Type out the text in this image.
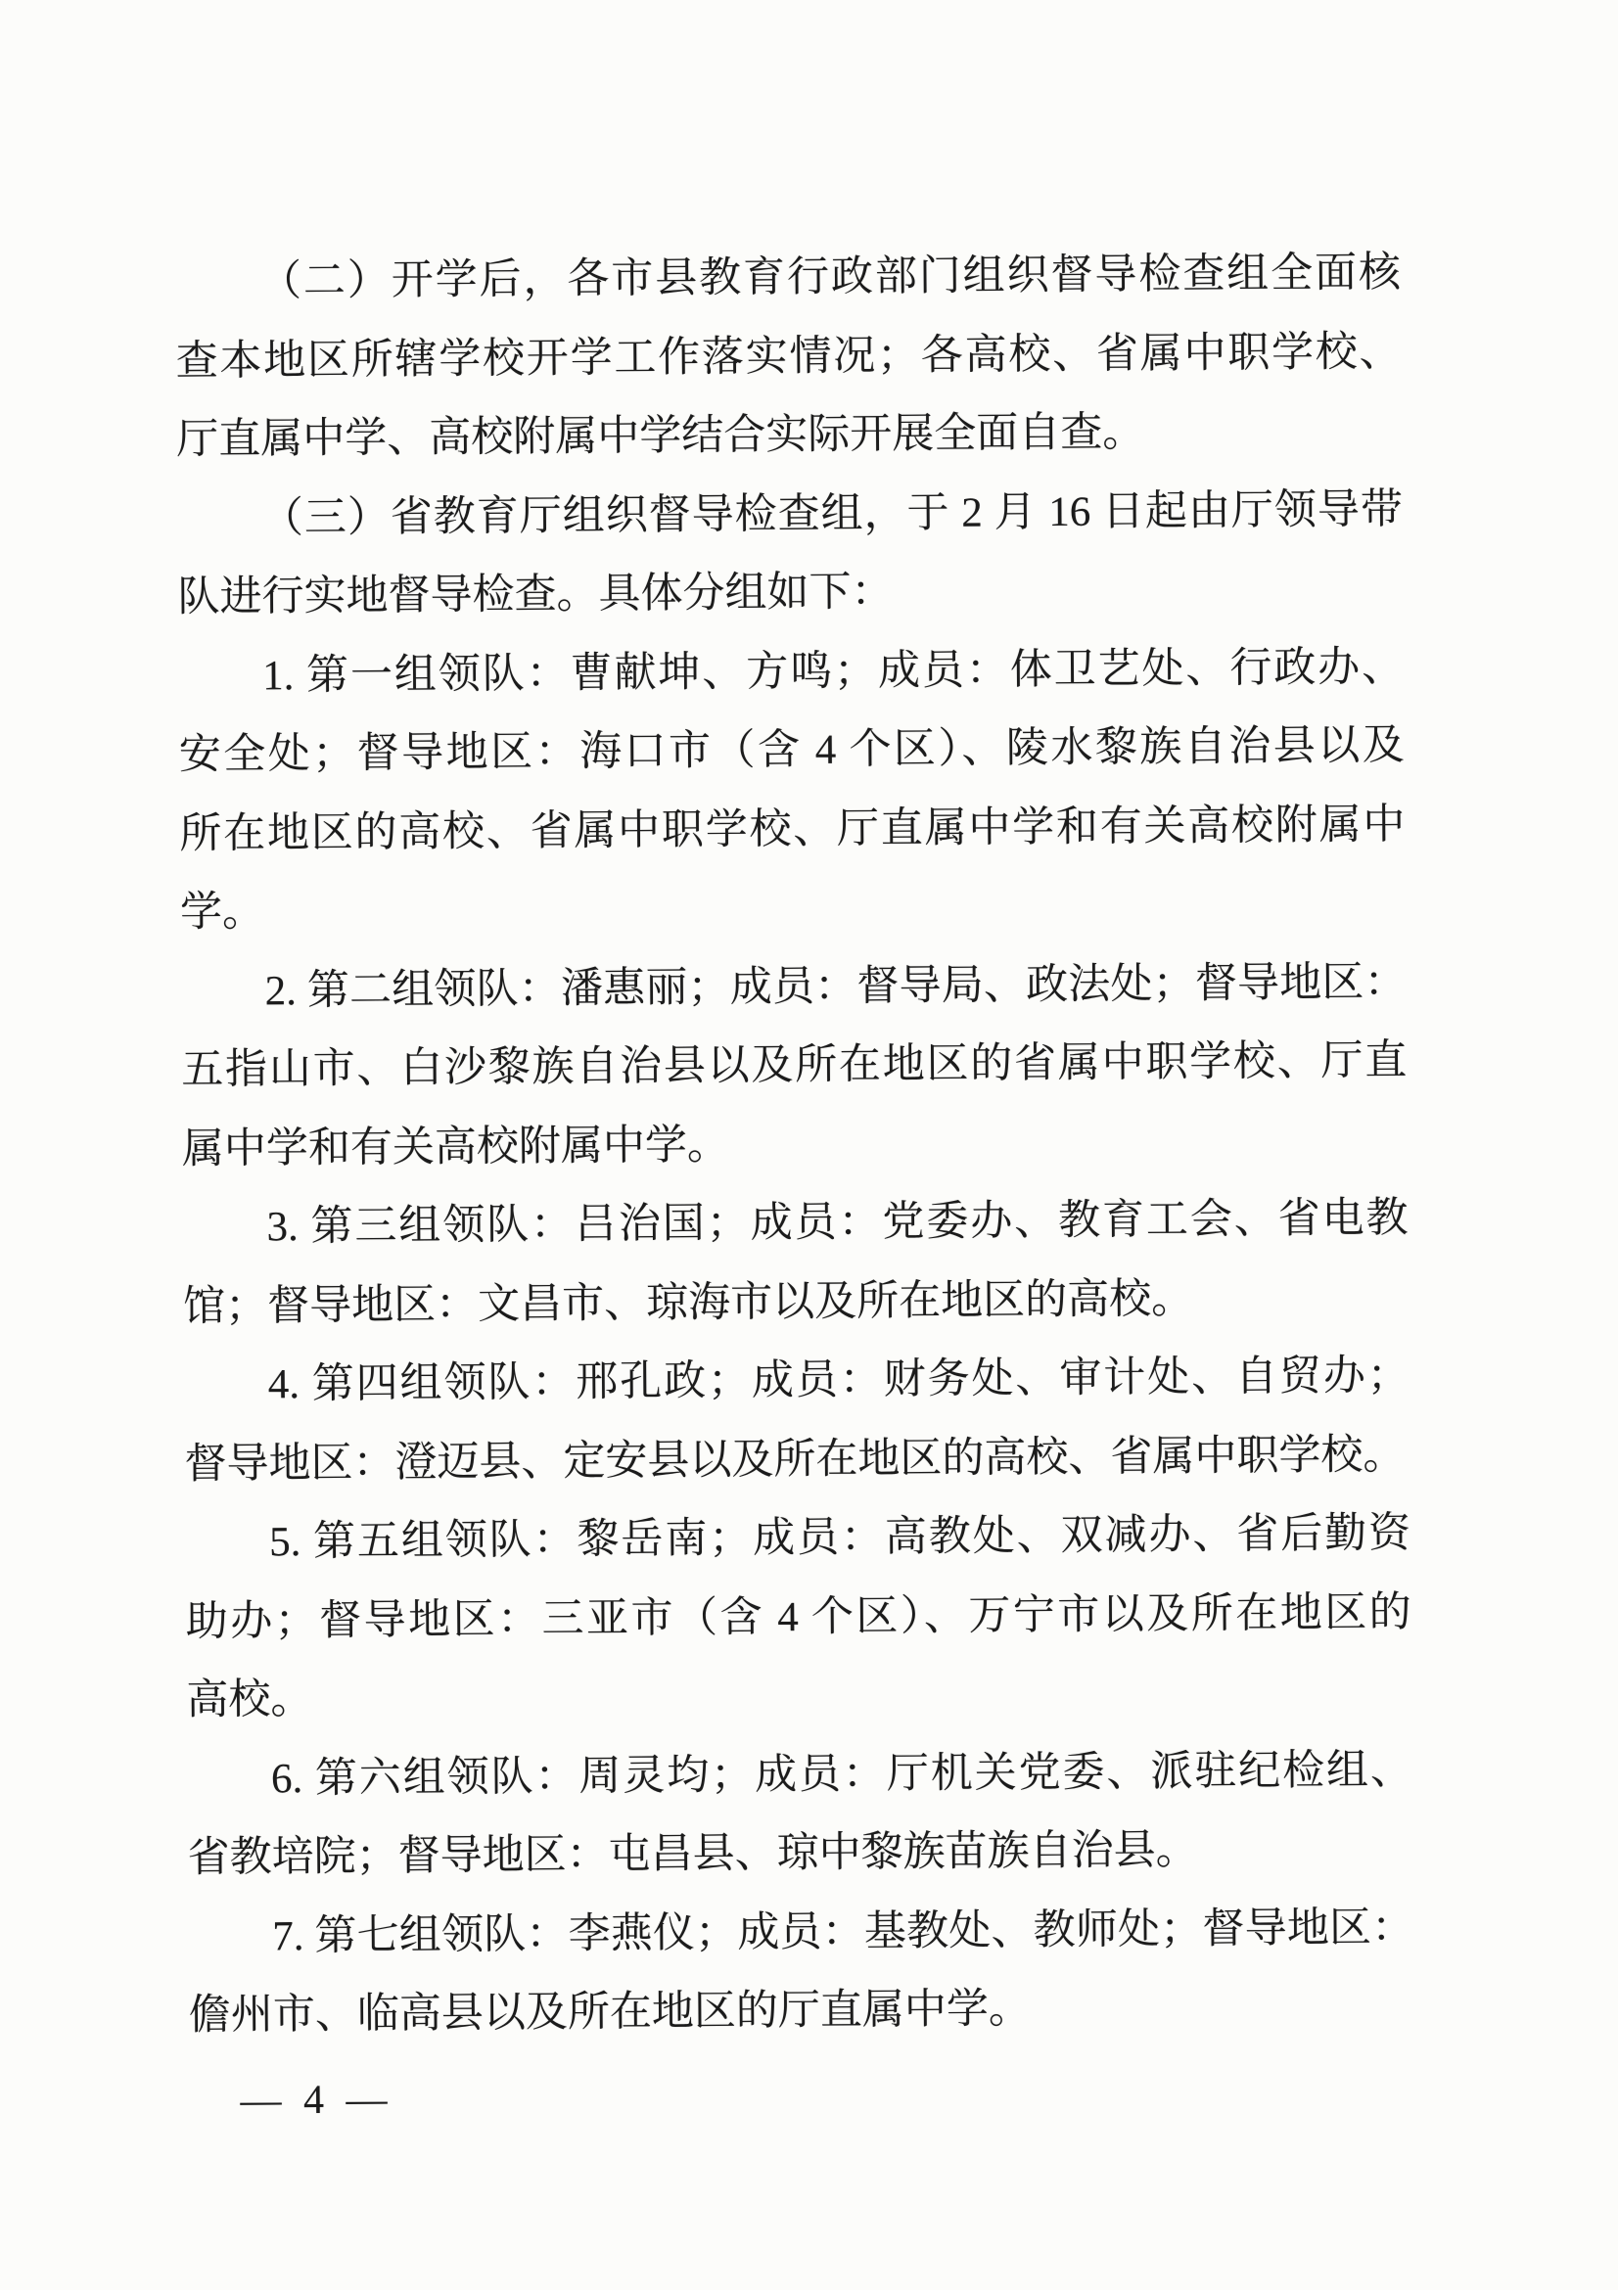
（二）开学后，各市县教育行政部门组织督导检查组全面核
查本地区所辖学校开学工作落实情况；各高校、省属中职学校、
厅直属中学、高校附属中学结合实际开展全面自查。
（三）省教育厅组织督导检查组，于 2 月 16 日起由厅领导带
队进行实地督导检查。具体分组如下：
1. 第一组领队：曹献坤、方鸣；成员：体卫艺处、行政办、
安全处；督导地区：海口市（含 4 个区）、陵水黎族自治县以及
所在地区的高校、省属中职学校、厅直属中学和有关高校附属中
学。
2. 第二组领队：潘惠丽；成员：督导局、政法处；督导地区：
五指山市、白沙黎族自治县以及所在地区的省属中职学校、厅直
属中学和有关高校附属中学。
3. 第三组领队：吕治国；成员：党委办、教育工会、省电教
馆；督导地区：文昌市、琼海市以及所在地区的高校。
4. 第四组领队：邢孔政；成员：财务处、审计处、自贸办；
督导地区：澄迈县、定安县以及所在地区的高校、省属中职学校。
5. 第五组领队：黎岳南；成员：高教处、双减办、省后勤资
助办；督导地区：三亚市（含 4 个区）、万宁市以及所在地区的
高校。
6. 第六组领队：周灵均；成员：厅机关党委、派驻纪检组、
省教培院；督导地区：屯昌县、琼中黎族苗族自治县。
7. 第七组领队：李燕仪；成员：基教处、教师处；督导地区：
儋州市、临高县以及所在地区的厅直属中学。
— 4 —
